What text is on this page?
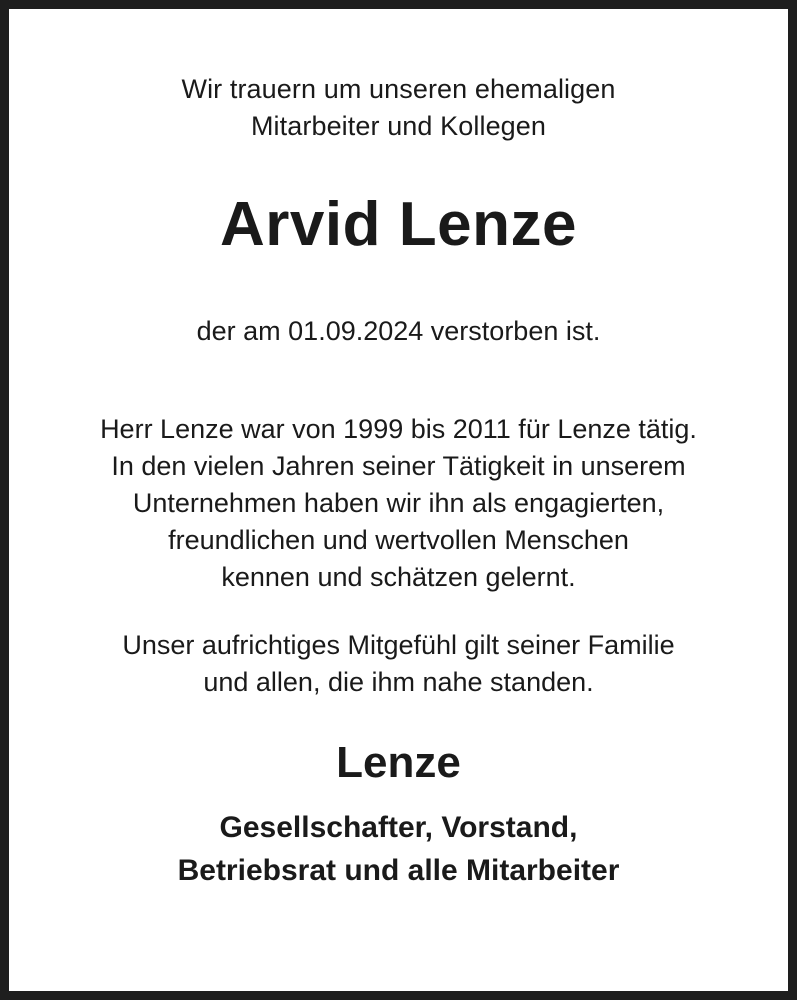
Wir trauern um unseren ehemaligen
Mitarbeiter und Kollegen
Arvid Lenze
der am 01.09.2024 verstorben ist.
Herr Lenze war von 1999 bis 2011 für Lenze tätig.
In den vielen Jahren seiner Tätigkeit in unserem
Unternehmen haben wir ihn als engagierten,
freundlichen und wertvollen Menschen
kennen und schätzen gelernt.
Unser aufrichtiges Mitgefühl gilt seiner Familie
und allen, die ihm nahe standen.
Lenze
Gesellschafter, Vorstand,
Betriebsrat und alle Mitarbeiter
